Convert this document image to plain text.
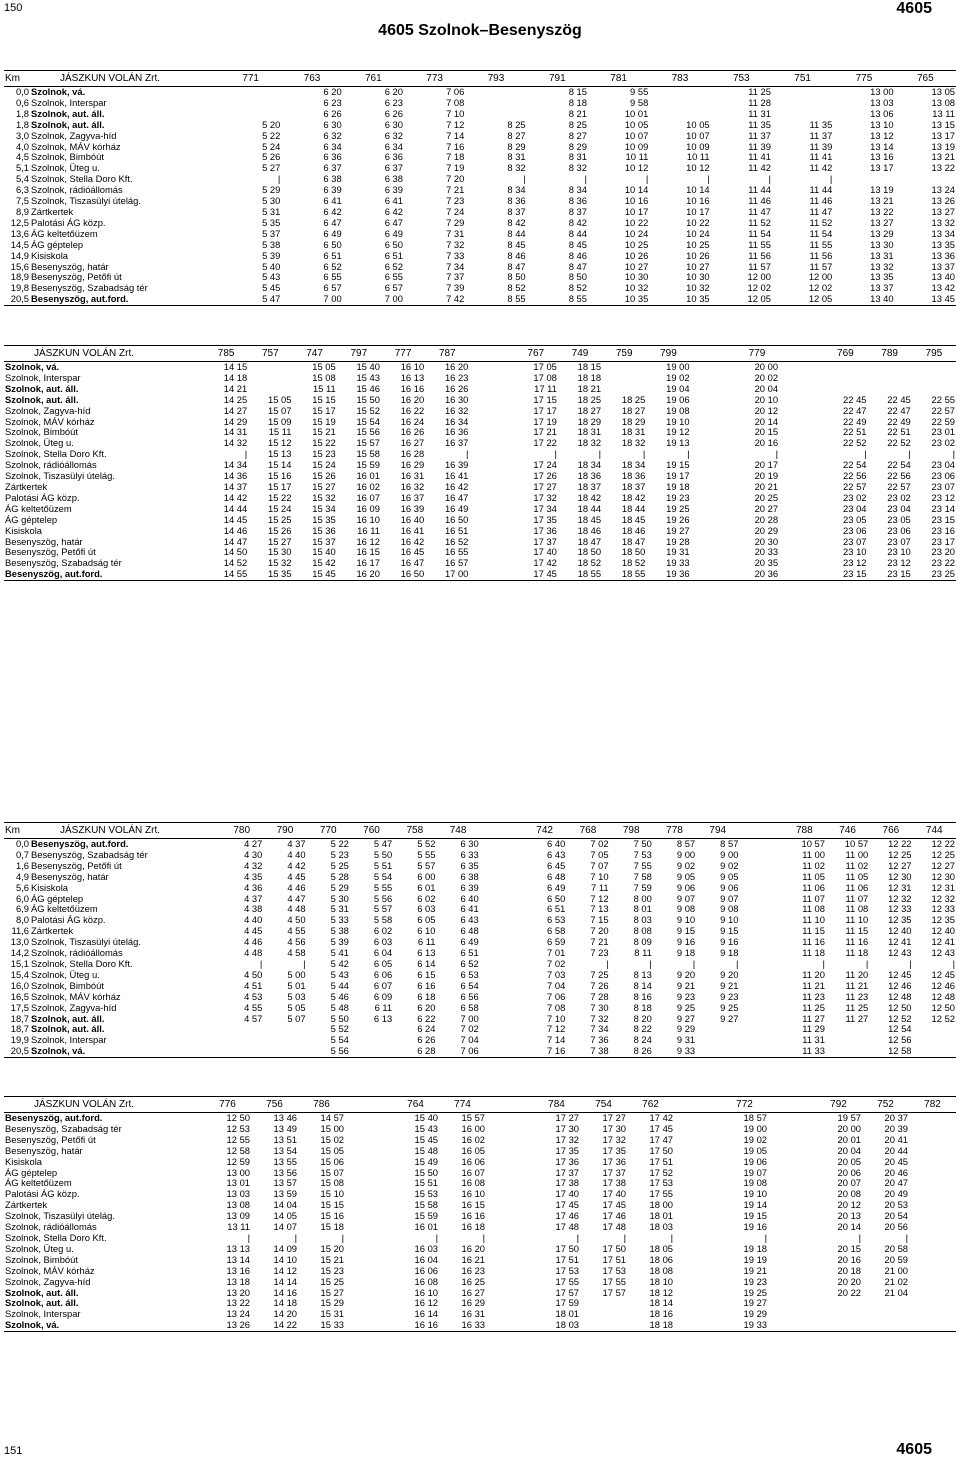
150	4605
4605 Szolnok–Besenyszög
Km	JÁSZKUN VOLÁN Zrt.	771	763	761	773	793	791	781	783	753	751	775	765
0,0	Szolnok, vá.		6 20	6 20	7 06		8 15	9 55		11 25		13 00	13 05
0,6	Szolnok, Interspar		6 23	6 23	7 08		8 18	9 58		11 28		13 03	13 08
1,8	Szolnok, aut. áll.		6 26	6 26	7 10		8 21	10 01		11 31		13 06	13 11
1,8	Szolnok, aut. áll.	5 20	6 30	6 30	7 12	8 25	8 25	10 05	10 05	11 35	11 35	13 10	13 15
3,0	Szolnok, Zagyva-híd	5 22	6 32	6 32	7 14	8 27	8 27	10 07	10 07	11 37	11 37	13 12	13 17
4,0	Szolnok, MÁV kórház	5 24	6 34	6 34	7 16	8 29	8 29	10 09	10 09	11 39	11 39	13 14	13 19
4,5	Szolnok, Bimbóút	5 26	6 36	6 36	7 18	8 31	8 31	10 11	10 11	11 41	11 41	13 16	13 21
5,1	Szolnok, Üteg u.	5 27	6 37	6 37	7 19	8 32	8 32	10 12	10 12	11 42	11 42	13 17	13 22
5,4	Szolnok, Stella Doro Kft.	|	6 38	6 38	7 20	|	|	|	|	|	|		
6,3	Szolnok, rádióállomás	5 29	6 39	6 39	7 21	8 34	8 34	10 14	10 14	11 44	11 44	13 19	13 24
7,5	Szolnok, Tiszasülyi útelág.	5 30	6 41	6 41	7 23	8 36	8 36	10 16	10 16	11 46	11 46	13 21	13 26
8,9	Zártkertek	5 31	6 42	6 42	7 24	8 37	8 37	10 17	10 17	11 47	11 47	13 22	13 27
12,5	Palotási ÁG közp.	5 35	6 47	6 47	7 29	8 42	8 42	10 22	10 22	11 52	11 52	13 27	13 32
13,6	ÁG keltetőüzem	5 37	6 49	6 49	7 31	8 44	8 44	10 24	10 24	11 54	11 54	13 29	13 34
14,5	ÁG géptelep	5 38	6 50	6 50	7 32	8 45	8 45	10 25	10 25	11 55	11 55	13 30	13 35
14,9	Kisiskola	5 39	6 51	6 51	7 33	8 46	8 46	10 26	10 26	11 56	11 56	13 31	13 36
15,6	Besenyszög, határ	5 40	6 52	6 52	7 34	8 47	8 47	10 27	10 27	11 57	11 57	13 32	13 37
18,9	Besenyszög, Petőfi út	5 43	6 55	6 55	7 37	8 50	8 50	10 30	10 30	12 00	12 00	13 35	13 40
19,8	Besenyszög, Szabadság tér	5 45	6 57	6 57	7 39	8 52	8 52	10 32	10 32	12 02	12 02	13 37	13 42
20,5	Besenyszög, aut.ford.	5 47	7 00	7 00	7 42	8 55	8 55	10 35	10 35	12 05	12 05	13 40	13 45
JÁSZKUN VOLÁN Zrt.	785	757	747	797	777	787		767	749	759	799		779		769	789	795
Szolnok, vá.	14 15		15 05	15 40	16 10	16 20		17 05	18 15		19 00		20 00				
Szolnok, Interspar	14 18		15 08	15 43	16 13	16 23		17 08	18 18		19 02		20 02				
Szolnok, aut. áll.	14 21		15 11	15 46	16 16	16 26		17 11	18 21		19 04		20 04				
Szolnok, aut. áll.	14 25	15 05	15 15	15 50	16 20	16 30		17 15	18 25	18 25	19 06		20 10		22 45	22 45	22 55
Szolnok, Zagyva-híd	14 27	15 07	15 17	15 52	16 22	16 32		17 17	18 27	18 27	19 08		20 12		22 47	22 47	22 57
Szolnok, MÁV kórház	14 29	15 09	15 19	15 54	16 24	16 34		17 19	18 29	18 29	19 10		20 14		22 49	22 49	22 59
Szolnok, Bimbóút	14 31	15 11	15 21	15 56	16 26	16 36		17 21	18 31	18 31	19 12		20 15		22 51	22 51	23 01
Szolnok, Üteg u.	14 32	15 12	15 22	15 57	16 27	16 37		17 22	18 32	18 32	19 13		20 16		22 52	22 52	23 02
Szolnok, Stella Doro Kft.	|	15 13	15 23	15 58	16 28	|		|	|	|	|		|		|	|	|
Szolnok, rádióállomás	14 34	15 14	15 24	15 59	16 29	16 39		17 24	18 34	18 34	19 15		20 17		22 54	22 54	23 04
Szolnok, Tiszasülyi útelág.	14 36	15 16	15 26	16 01	16 31	16 41		17 26	18 36	18 36	19 17		20 19		22 56	22 56	23 06
Zártkertek	14 37	15 17	15 27	16 02	16 32	16 42		17 27	18 37	18 37	19 18		20 21		22 57	22 57	23 07
Palotási ÁG közp.	14 42	15 22	15 32	16 07	16 37	16 47		17 32	18 42	18 42	19 23		20 25		23 02	23 02	23 12
ÁG keltetőüzem	14 44	15 24	15 34	16 09	16 39	16 49		17 34	18 44	18 44	19 25		20 27		23 04	23 04	23 14
ÁG géptelep	14 45	15 25	15 35	16 10	16 40	16 50		17 35	18 45	18 45	19 26		20 28		23 05	23 05	23 15
Kisiskola	14 46	15 26	15 36	16 11	16 41	16 51		17 36	18 46	18 46	19 27		20 29		23 06	23 06	23 16
Besenyszög, határ	14 47	15 27	15 37	16 12	16 42	16 52		17 37	18 47	18 47	19 28		20 30		23 07	23 07	23 17
Besenyszög, Petőfi út	14 50	15 30	15 40	16 15	16 45	16 55		17 40	18 50	18 50	19 31		20 33		23 10	23 10	23 20
Besenyszög, Szabadság tér	14 52	15 32	15 42	16 17	16 47	16 57		17 42	18 52	18 52	19 33		20 35		23 12	23 12	23 22
Besenyszög, aut.ford.	14 55	15 35	15 45	16 20	16 50	17 00		17 45	18 55	18 55	19 36		20 36		23 15	23 15	23 25
Km	JÁSZKUN VOLÁN Zrt.	780	790	770	760	758	748		742	768	798	778	794		788	746	766	744
0,0	Besenyszög, aut.ford.	4 27	4 37	5 22	5 47	5 52	6 30		6 40	7 02	7 50	8 57	8 57		10 57	10 57	12 22	12 22
0,7	Besenyszög, Szabadság tér	4 30	4 40	5 23	5 50	5 55	6 33		6 43	7 05	7 53	9 00	9 00		11 00	11 00	12 25	12 25
1,6	Besenyszög, Petőfi út	4 32	4 42	5 25	5 51	5 57	6 35		6 45	7 07	7 55	9 02	9 02		11 02	11 02	12 27	12 27
4,9	Besenyszög, határ	4 35	4 45	5 28	5 54	6 00	6 38		6 48	7 10	7 58	9 05	9 05		11 05	11 05	12 30	12 30
5,6	Kisiskola	4 36	4 46	5 29	5 55	6 01	6 39		6 49	7 11	7 59	9 06	9 06		11 06	11 06	12 31	12 31
6,0	ÁG géptelep	4 37	4 47	5 30	5 56	6 02	6 40		6 50	7 12	8 00	9 07	9 07		11 07	11 07	12 32	12 32
6,9	ÁG keltetőüzem	4 38	4 48	5 31	5 57	6 03	6 41		6 51	7 13	8 01	9 08	9 08		11 08	11 08	12 33	12 33
8,0	Palotási ÁG közp.	4 40	4 50	5 33	5 58	6 05	6 43		6 53	7 15	8 03	9 10	9 10		11 10	11 10	12 35	12 35
11,6	Zártkertek	4 45	4 55	5 38	6 02	6 10	6 48		6 58	7 20	8 08	9 15	9 15		11 15	11 15	12 40	12 40
13,0	Szolnok, Tiszasülyi útelág.	4 46	4 56	5 39	6 03	6 11	6 49		6 59	7 21	8 09	9 16	9 16		11 16	11 16	12 41	12 41
14,2	Szolnok, rádióállomás	4 48	4 58	5 41	6 04	6 13	6 51		7 01	7 23	8 11	9 18	9 18		11 18	11 18	12 43	12 43
15,1	Szolnok, Stella Doro Kft.	|	|	5 42	6 05	6 14	6 52		7 02	|	|	|	|		|	|	|	|
15,4	Szolnok, Üteg u.	4 50	5 00	5 43	6 06	6 15	6 53		7 03	7 25	8 13	9 20	9 20		11 20	11 20	12 45	12 45
16,0	Szolnok, Bimbóút	4 51	5 01	5 44	6 07	6 16	6 54		7 04	7 26	8 14	9 21	9 21		11 21	11 21	12 46	12 46
16,5	Szolnok, MÁV kórház	4 53	5 03	5 46	6 09	6 18	6 56		7 06	7 28	8 16	9 23	9 23		11 23	11 23	12 48	12 48
17,5	Szolnok, Zagyva-híd	4 55	5 05	5 48	6 11	6 20	6 58		7 08	7 30	8 18	9 25	9 25		11 25	11 25	12 50	12 50
18,7	Szolnok, aut. áll.	4 57	5 07	5 50	6 13	6 22	7 00		7 10	7 32	8 20	9 27	9 27		11 27	11 27	12 52	12 52
18,7	Szolnok, aut. áll.			5 52		6 24	7 02		7 12	7 34	8 22	9 29			11 29		12 54	
19,9	Szolnok, Interspar			5 54		6 26	7 04		7 14	7 36	8 24	9 31			11 31		12 56	
20,5	Szolnok, vá.			5 56		6 28	7 06		7 16	7 38	8 26	9 33			11 33		12 58	
JÁSZKUN VOLÁN Zrt.	776	756	786		764	774		784	754	762		772		792	752	782
Besenyszög, aut.ford.	12 50	13 46	14 57		15 40	15 57		17 27	17 27	17 42		18 57		19 57	20 37	
Besenyszög, Szabadság tér	12 53	13 49	15 00		15 43	16 00		17 30	17 30	17 45		19 00		20 00	20 39	
Besenyszög, Petőfi út	12 55	13 51	15 02		15 45	16 02		17 32	17 32	17 47		19 02		20 01	20 41	
Besenyszög, határ	12 58	13 54	15 05		15 48	16 05		17 35	17 35	17 50		19 05		20 04	20 44	
Kisiskola	12 59	13 55	15 06		15 49	16 06		17 36	17 36	17 51		19 06		20 05	20 45	
ÁG géptelep	13 00	13 56	15 07		15 50	16 07		17 37	17 37	17 52		19 07		20 06	20 46	
ÁG keltetőüzem	13 01	13 57	15 08		15 51	16 08		17 38	17 38	17 53		19 08		20 07	20 47	
Palotási ÁG közp.	13 03	13 59	15 10		15 53	16 10		17 40	17 40	17 55		19 10		20 08	20 49	
Zártkertek	13 08	14 04	15 15		15 58	16 15		17 45	17 45	18 00		19 14		20 12	20 53	
Szolnok, Tiszasülyi útelág.	13 09	14 05	15 16		15 59	16 16		17 46	17 46	18 01		19 15		20 13	20 54	
Szolnok, rádióállomás	13 11	14 07	15 18		16 01	16 18		17 48	17 48	18 03		19 16		20 14	20 56	
Szolnok, Stella Doro Kft.	|	|	|		|	|		|	|	|		|		|	|	
Szolnok, Üteg u.	13 13	14 09	15 20		16 03	16 20		17 50	17 50	18 05		19 18		20 15	20 58	
Szolnok, Bimbóút	13 14	14 10	15 21		16 04	16 21		17 51	17 51	18 06		19 19		20 16	20 59	
Szolnok, MÁV kórház	13 16	14 12	15 23		16 06	16 23		17 53	17 53	18 08		19 21		20 18	21 00	
Szolnok, Zagyva-híd	13 18	14 14	15 25		16 08	16 25		17 55	17 55	18 10		19 23		20 20	21 02	
Szolnok, aut. áll.	13 20	14 16	15 27		16 10	16 27		17 57	17 57	18 12		19 25		20 22	21 04	
Szolnok, aut. áll.	13 22	14 18	15 29		16 12	16 29		17 59		18 14		19 27				
Szolnok, Interspar	13 24	14 20	15 31		16 14	16 31		18 01		18 16		19 29				
Szolnok, vá.	13 26	14 22	15 33		16 16	16 33		18 03		18 18		19 33				
151	4605
